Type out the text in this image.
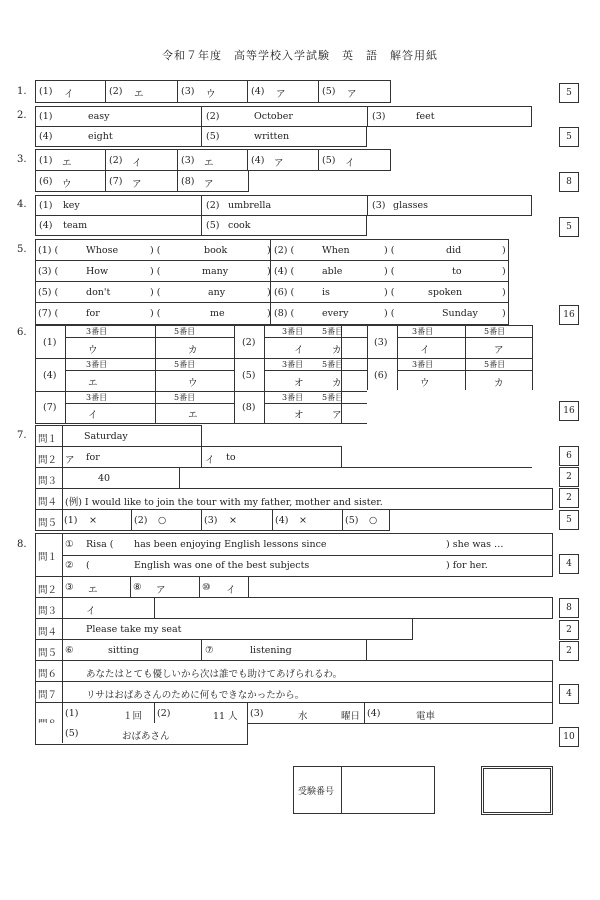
令和７年度　高等学校入学試験　英　語　解答用紙
1. (1) イ	(2) エ	(3) ウ	(4) ア	(5) ア	5
2. (1)	easy	(2)	October	(3)	feet
(4)	eight	(5)	written	5
3. (1) エ	(2) イ	(3) エ	(4) ア	(5) イ
(6) ウ	(7) ア	(8) ア	8
4. (1) key	(2) umbrella	(3) glasses
(4) team	(5) cook	5
5. (1) (	Whose	) (	book	) (2) (	When	) (	did	)
(3) (	How	) (	many	) (4) (	able	) (	to	)
(5) (	don't	) (	any	) (6) (	is	) (	spoken	)
(7) (	for	) (	me	) (8) (	every	) (	Sunday	)	16
6.
(1)
3番目	5番目
ウ	カ
(2)
3番目 5番目
イ	カ
(3)
3番目	5番目
イ	ア
(4)
3番目	5番目
エ	ウ
(5)
3番目 5番目
オ	カ
(6)
3番目	5番目
ウ	カ
(7)
3番目	5番目
イ	エ
(8)
3番目 5番目
オ	ア	16
7. 問１	Saturday
問２ ア for	イ to	6
問３	40	2
問４ (例) I would like to join the tour with my father, mother and sister.	2
問５ (1) ×	(2) ○	(3) ×	(4) ×	(5) ○	5
8.
問１
① Risa ( has been enjoying English lessons since	) she was …
② (	English was one of the best subjects	) for her.	4
問２ ③ エ	⑧ ア	⑩ イ
問３	イ	8
問４	Please take my seat	2
問５ ⑥	sitting	⑦	listening	2
問６	あなたはとても優しいから次は誰でも助けてあげられるわ。
問７	リサはおばあさんのために何もできなかったから。	4
(1)	１回 (2)	11 人 (3)	水	曜日 (4)	電車
(5)	おばあさん	10
受験番号
